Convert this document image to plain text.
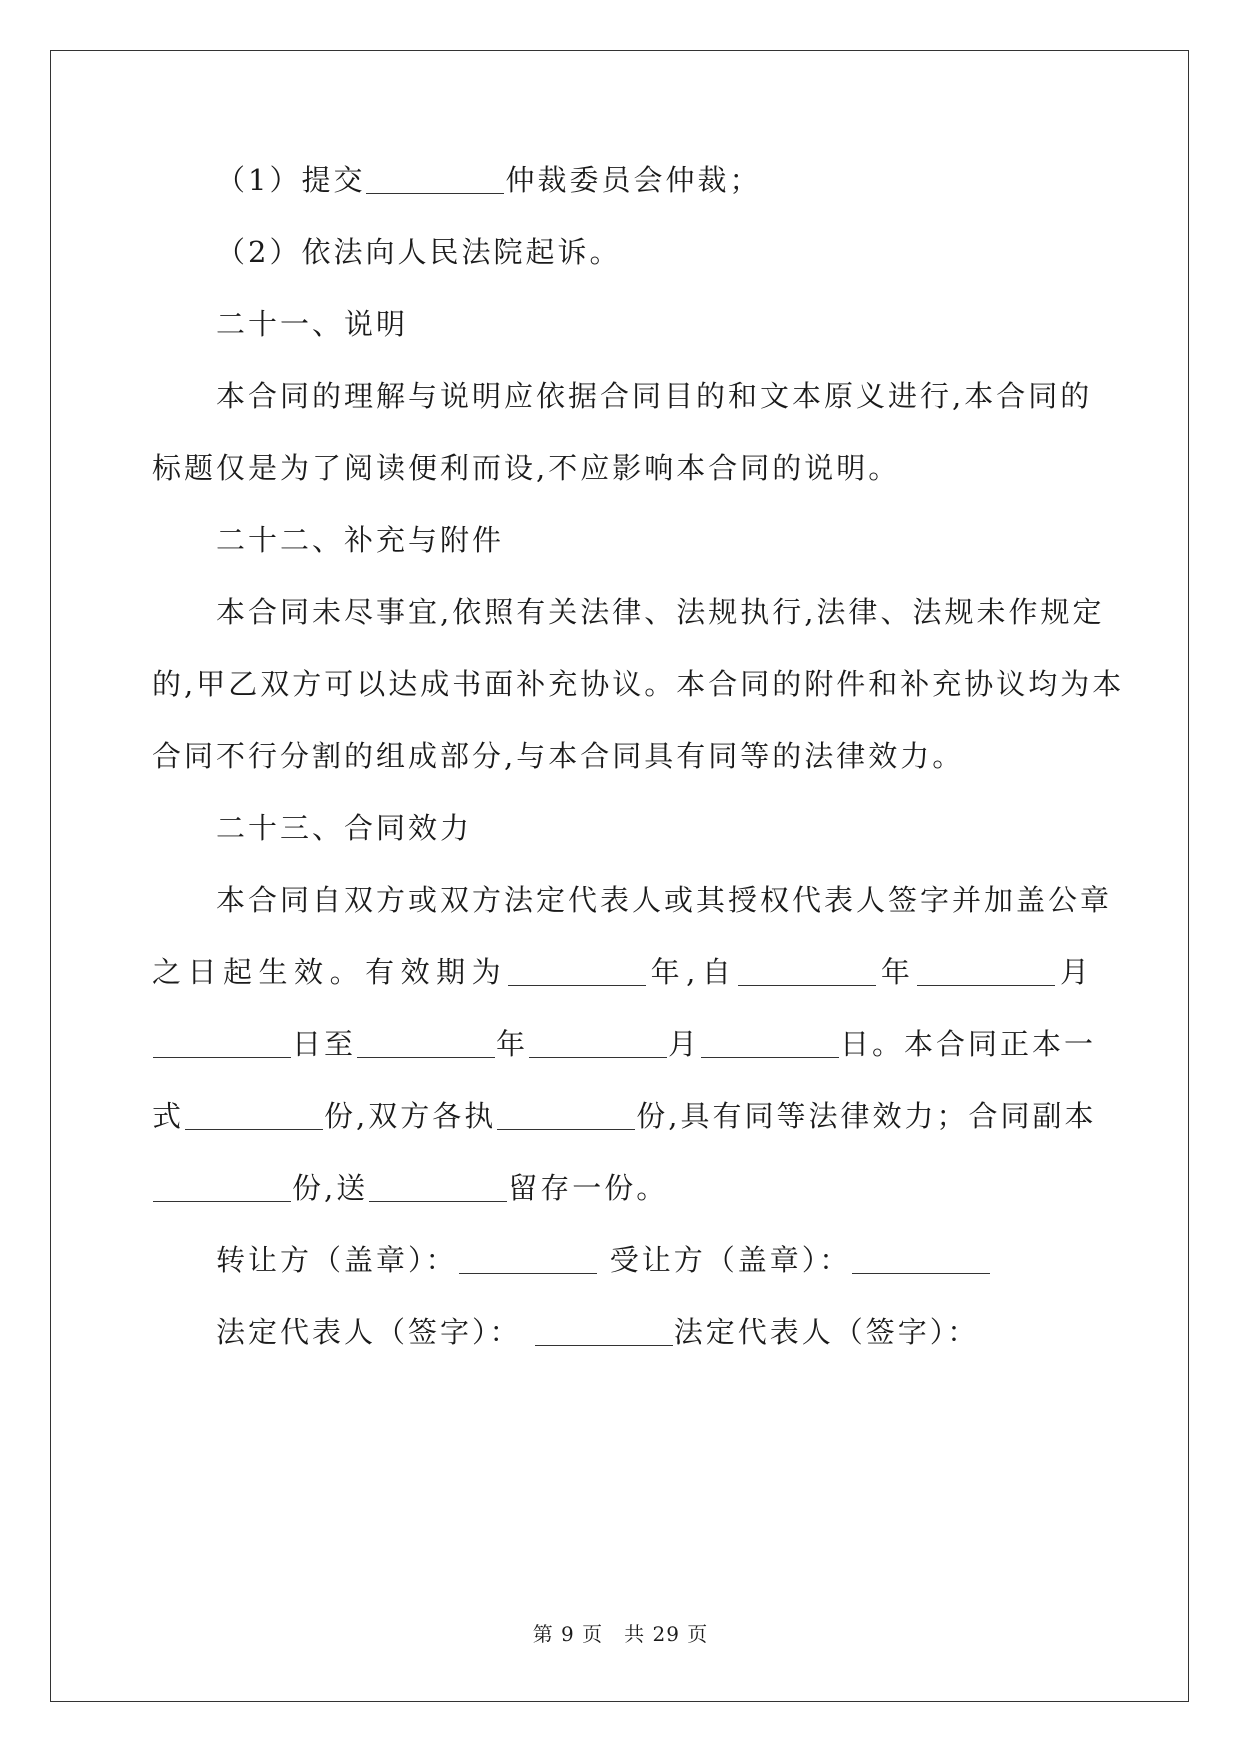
（1）提交	仲裁委员会仲裁；
（2）依法向人民法院起诉。
二十一、说明
本合同的理解与说明应依据合同目的和文本原义进行,本合同的
标题仅是为了阅读便利而设,不应影响本合同的说明。
二十二、补充与附件
本合同未尽事宜,依照有关法律、法规执行,法律、法规未作规定
的,甲乙双方可以达成书面补充协议。本合同的附件和补充协议均为本
合同不行分割的组成部分,与本合同具有同等的法律效力。
二十三、合同效力
本合同自双方或双方法定代表人或其授权代表人签字并加盖公章
之日起生效。有效期为	年,自	年	月
日至	年	月	日。本合同正本一
式	份,双方各执	份,具有同等法律效力；合同副本
份,送	留存一份。
转让方（盖章）：	受让方（盖章）：
法定代表人（签字）：	法定代表人（签字）：
第 9 页　共 29 页
